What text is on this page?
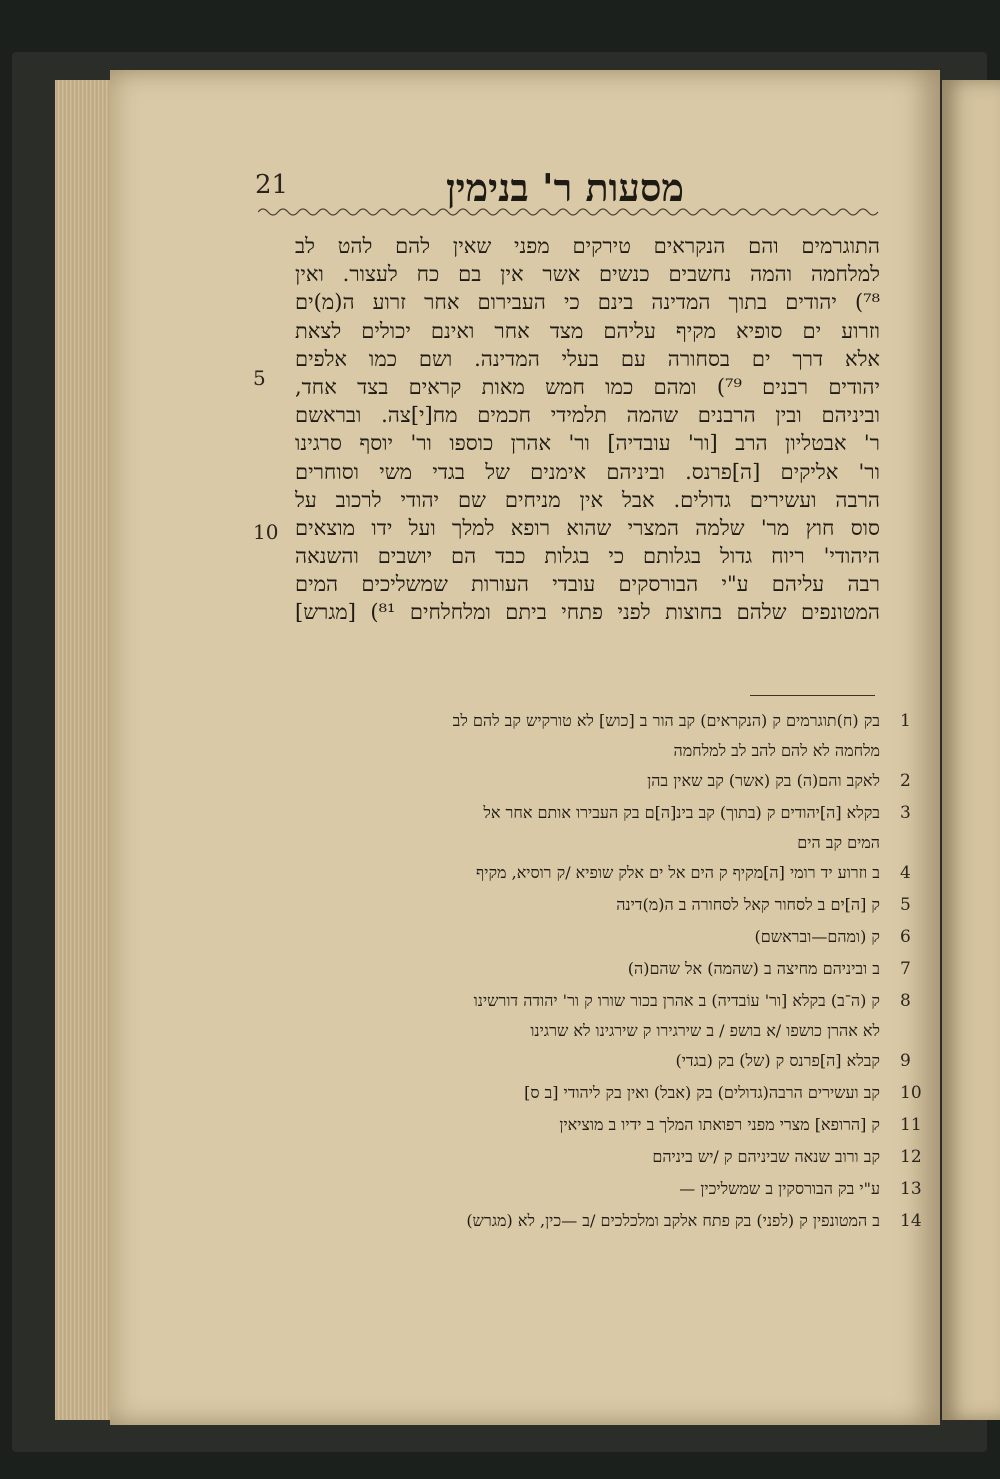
21	מסעות ר' בנימין
התוגרמים והם הנקראים טירקים מפני שאין להם להט לב
למלחמה והמה נחשבים כנשים אשר אין בם כח לעצור. ואין
⁷⁸) יהודים בתוך המדינה בינם כי העבירום אחר זרוע ה(מ)ים
וזרוע ים סופיא מקיף עליהם מצד אחר ואינם יכולים לצאת
אלא דרך ים בסחורה עם בעלי המדינה. ושם כמו אלפים
יהודים רבנים ⁷⁹) ומהם כמו חמש מאות קראים בצד אחד,
וביניהם ובין הרבנים שהמה תלמידי חכמים מח[י]צה. ובראשם
ר' אבטליון הרב [ור' עובדיה] ור' אהרן כוספו ור' יוסף סרגינו
ור' אליקים [ה]פרנס. וביניהם אימנים של בגדי משי וסוחרים
הרבה ועשירים גדולים. אבל אין מניחים שם יהודי לרכוב על
סוס חוץ מר' שלמה המצרי שהוא רופא למלך ועל ידו מוצאים
היהודי' ריוח גדול בגלותם כי בגלות כבד הם יושבים והשנאה
רבה עליהם ע"י הבורסקים עובדי העורות שמשליכים המים
המטונפים שלהם בחוצות לפני פתחי ביתם ומלחלחים ⁸¹) [מגרש]
5
10
בק (ח)תוגרמים ק (הנקראים) קב הור ב [כוש] לא טורקיש קב להם לב
מלחמה לא להם להב לב למלחמה
לאקב והם(ה) בק (אשר) קב שאין בהן
בקלא [ה]יהודים ק (בתוך) קב בינ[ה]ם בק העבירו אותם אחר אל
המים קב הים
ב וזרוע יד רומי [ה]מקיף ק הים אל ים אלק שופיא /ק רוסיא, מקיף
ק [ה]ים ב לסחור קאל לסחורה ב ה(מ)דינה
ק (ומהם—ובראשם)
ב וביניהם מחיצה ב (שהמה) אל שהם(ה)
ק (ה־ב) בקלא [ור' עוֹבדיה) ב אהרן בכור שורו ק ור' יהודה דורשינו
לא אהרן כושפו /א בושפ / ב שירגירו ק שירגינו לא שרגינו
קבלא [ה]פרנס ק (של) בק (בגדי)
קב ועשירים הרבה(גדולים) בק (אבל) ואין בק ליהודי [ב ס]
ק [הרופא] מצרי מפני רפואתו המלך ב ידיו ב מוציאין
קב ורוב שנאה שביניהם ק /יש ביניהם
ע"י בק הבורסקין ב שמשליכין —
ב המטונפין ק (לפני) בק פתח אלקב ומלכלכים /ב —כין, לא (מגרש)
